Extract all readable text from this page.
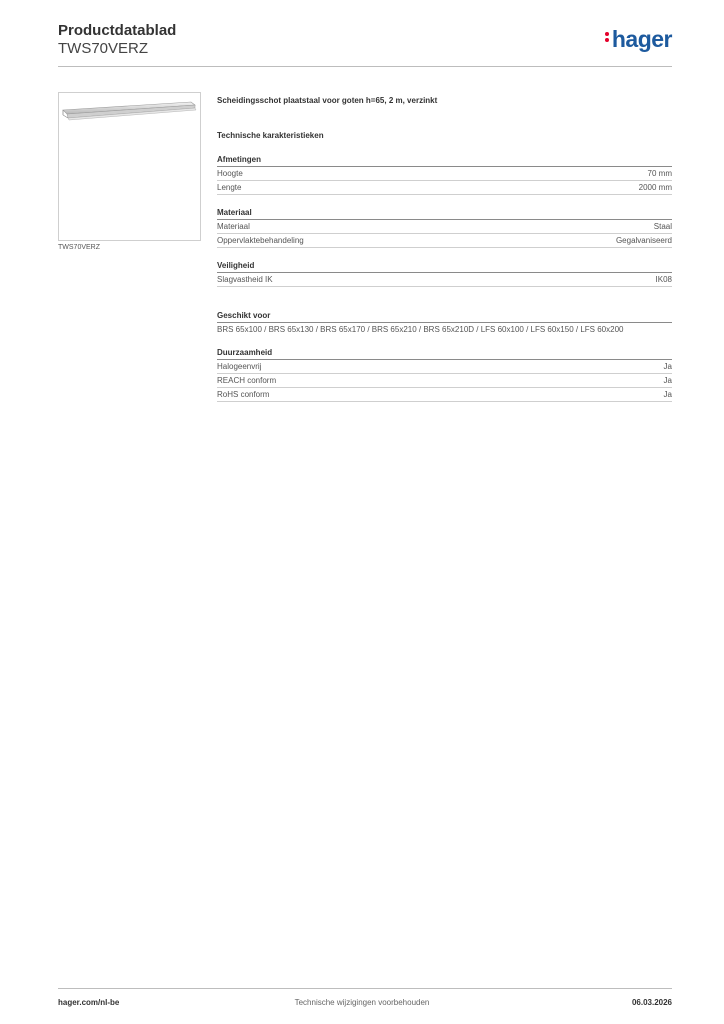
Productdatablad
TWS70VERZ	hager
TWS70VERZ
Scheidingsschot plaatstaal voor goten h=65, 2 m, verzinkt
Technische karakteristieken
Afmetingen
Hoogte	70 mm
Lengte	2000 mm
Materiaal
Materiaal	Staal
Oppervlaktebehandeling	Gegalvaniseerd
Veiligheid
Slagvastheid IK	IK08
Geschikt voor
BRS 65x100 / BRS 65x130 / BRS 65x170 / BRS 65x210 / BRS 65x210D / LFS 60x100 / LFS 60x150 / LFS 60x200
Duurzaamheid
Halogeenvrij	Ja
REACH conform	Ja
RoHS conform	Ja
hager.com/nl-be	Technische wijzigingen voorbehouden	06.03.2026
